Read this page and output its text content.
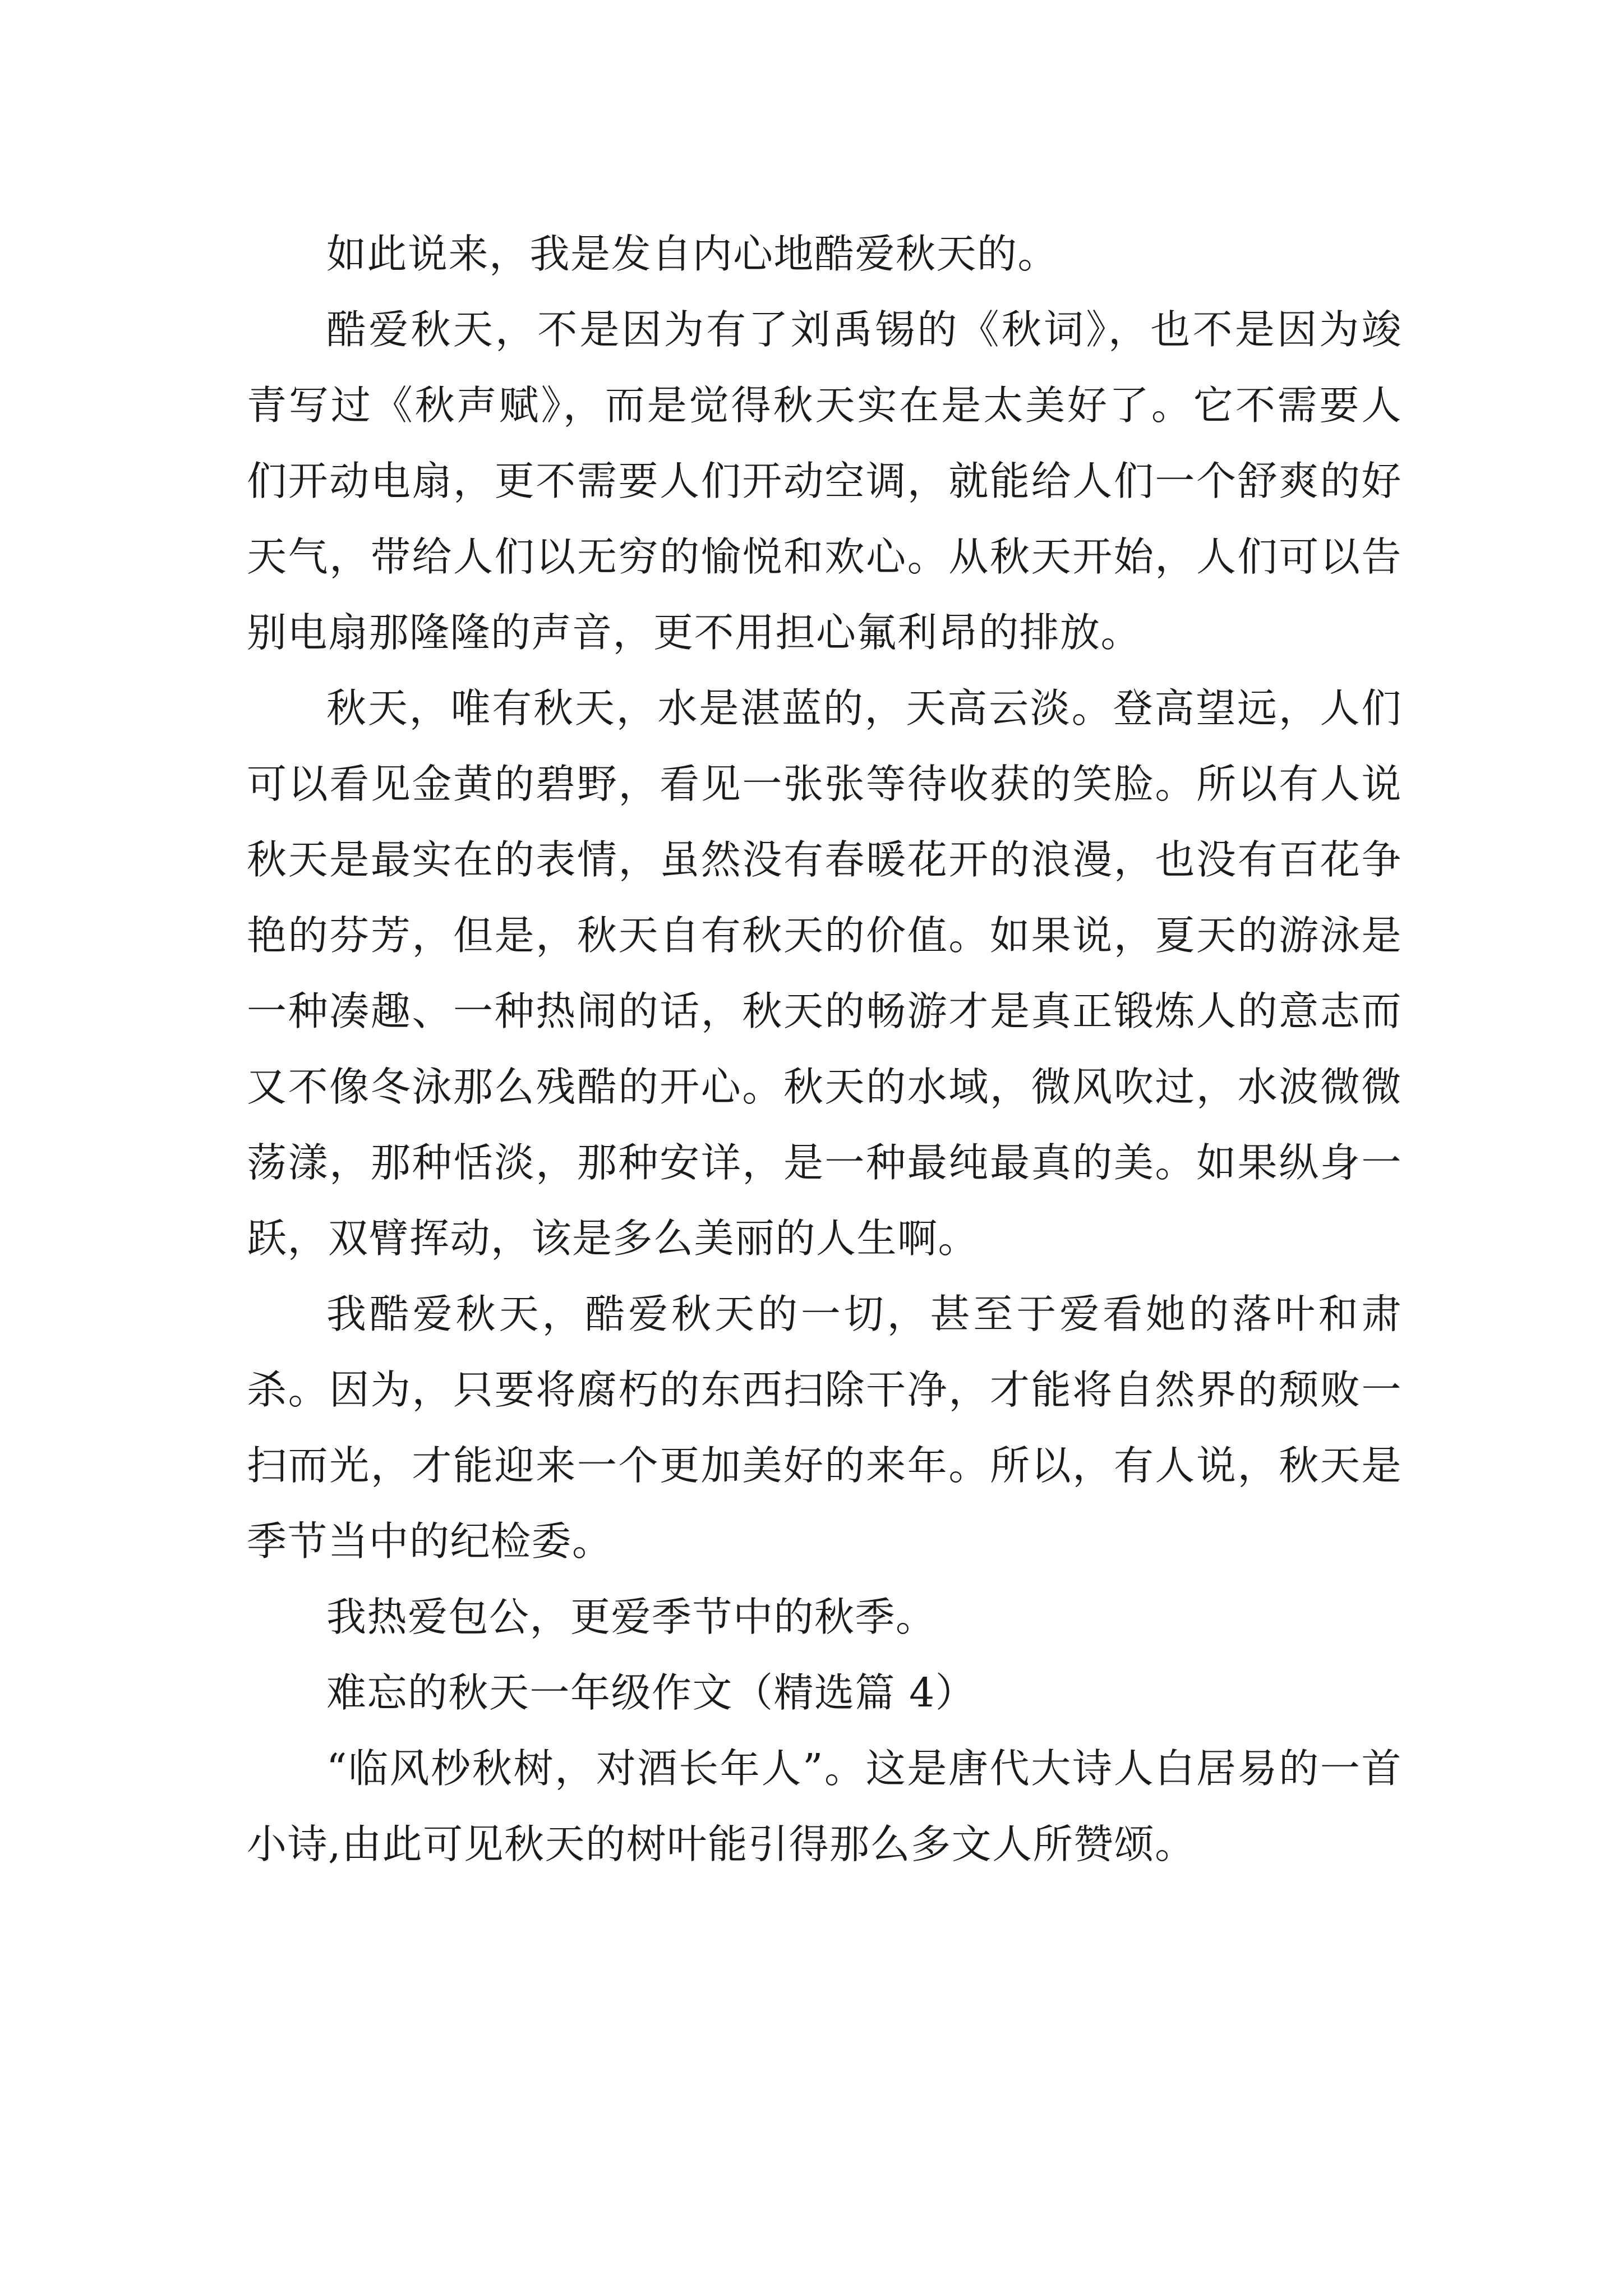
如此说来，我是发自内心地酷爱秋天的。

酷爱秋天，不是因为有了刘禹锡的《秋词》，也不是因为竣青写过《秋声赋》，而是觉得秋天实在是太美好了。它不需要人们开动电扇，更不需要人们开动空调，就能给人们一个舒爽的好天气，带给人们以无穷的愉悦和欢心。从秋天开始，人们可以告别电扇那隆隆的声音，更不用担心氟利昂的排放。

秋天，唯有秋天，水是湛蓝的，天高云淡。登高望远，人们可以看见金黄的碧野，看见一张张等待收获的笑脸。所以有人说秋天是最实在的表情，虽然没有春暖花开的浪漫，也没有百花争艳的芬芳，但是，秋天自有秋天的价值。如果说，夏天的游泳是一种凑趣、一种热闹的话，秋天的畅游才是真正锻炼人的意志而又不像冬泳那么残酷的开心。秋天的水域，微风吹过，水波微微荡漾，那种恬淡，那种安详，是一种最纯最真的美。如果纵身一跃，双臂挥动，该是多么美丽的人生啊。

我酷爱秋天，酷爱秋天的一切，甚至于爱看她的落叶和肃杀。因为，只要将腐朽的东西扫除干净，才能将自然界的颓败一扫而光，才能迎来一个更加美好的来年。所以，有人说，秋天是季节当中的纪检委。

我热爱包公，更爱季节中的秋季。

难忘的秋天一年级作文（精选篇 4）

“临风杪秋树，对酒长年人”。这是唐代大诗人白居易的一首小诗,由此可见秋天的树叶能引得那么多文人所赞颂。
